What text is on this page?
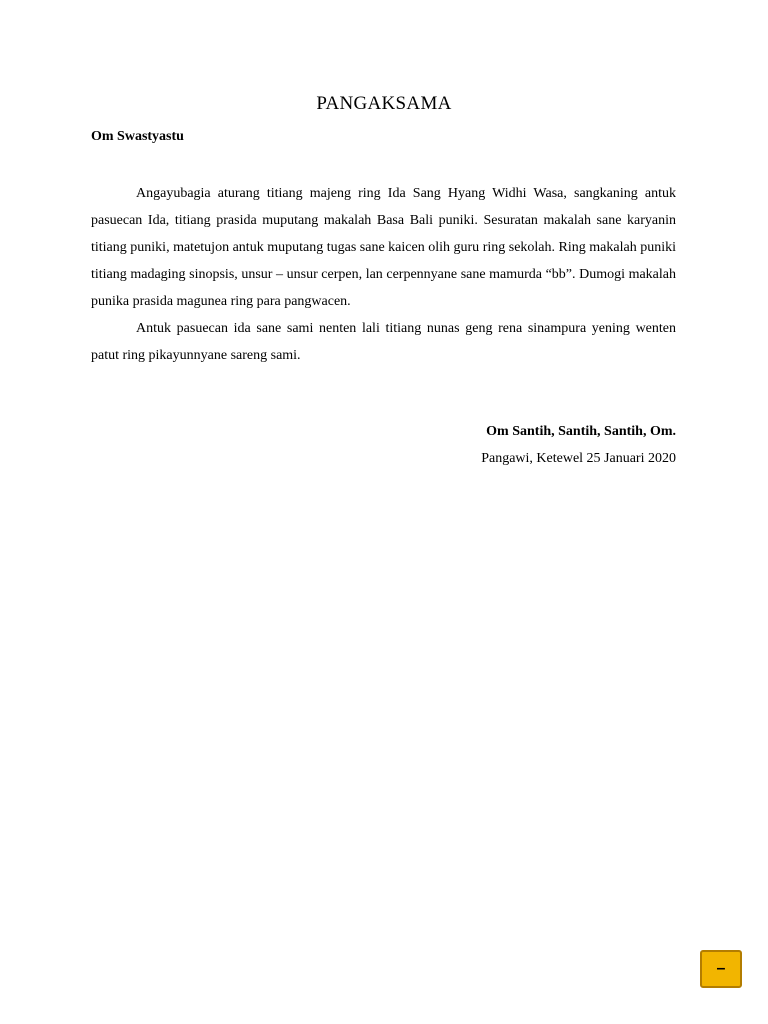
PANGAKSAMA
Om Swastyastu

Angayubagia aturang titiang majeng ring Ida Sang Hyang Widhi Wasa, sangkaning antuk pasuecan Ida, titiang prasida muputang makalah Basa Bali puniki. Sesuratan makalah sane karyanin titiang puniki, matetujon antuk muputang tugas sane kaicen olih guru ring sekolah. Ring makalah puniki titiang madaging sinopsis, unsur – unsur cerpen, lan cerpennyane sane mamurda “bb”. Dumogi makalah punika prasida magunea ring para pangwacen.

Antuk pasuecan ida sane sami nenten lali titiang nunas geng rena sinampura yening wenten patut ring pikayunnyane sareng sami.

Om Santih, Santih, Santih, Om.
Pangawi, Ketewel 25 Januari 2020
–
